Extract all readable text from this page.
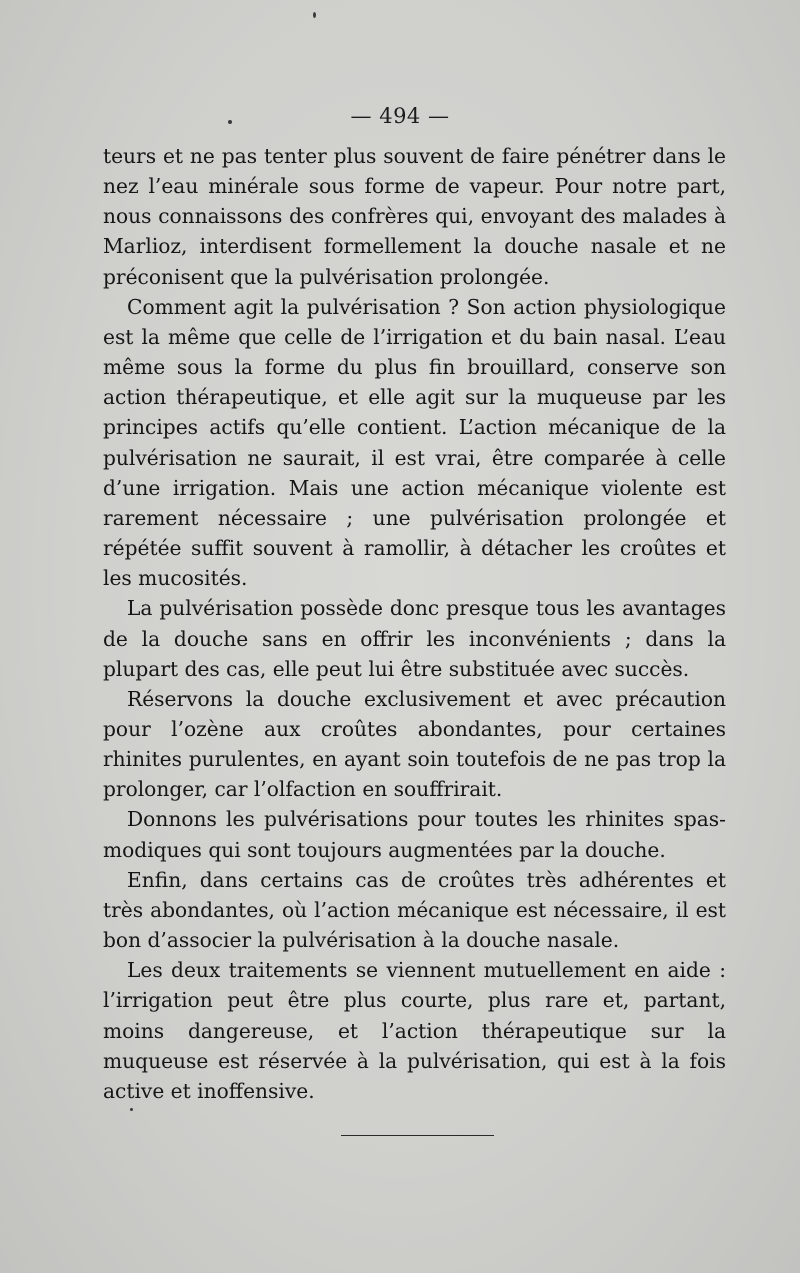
— 494 —

teurs et ne pas tenter plus souvent de faire pénétrer dans le nez l’eau minérale sous forme de vapeur. Pour notre part, nous connaissons des confrères qui, envoyant des malades à Marlioz, interdisent formellement la douche nasale et ne préconisent que la pulvérisation prolongée.

Comment agit la pulvérisation ? Son action physiologique est la même que celle de l’irrigation et du bain nasal. L’eau même sous la forme du plus fin brouillard, conserve son action thérapeutique, et elle agit sur la muqueuse par les principes actifs qu’elle contient. L’action mécanique de la pulvérisation ne saurait, il est vrai, être comparée à celle d’une irrigation. Mais une action mécanique violente est rarement nécessaire ; une pulvérisation prolongée et répétée suffit souvent à ramollir, à détacher les croûtes et les mucosités.

La pulvérisation possède donc presque tous les avantages de la douche sans en offrir les inconvénients ; dans la plupart des cas, elle peut lui être substituée avec succès.

Réservons la douche exclusivement et avec précaution pour l’ozène aux croûtes abondantes, pour certaines rhinites purulentes, en ayant soin toutefois de ne pas trop la prolonger, car l’olfaction en souffrirait.

Donnons les pulvérisations pour toutes les rhinites spasmodiques qui sont toujours augmentées par la douche.

Enfin, dans certains cas de croûtes très adhérentes et très abondantes, où l’action mécanique est nécessaire, il est bon d’associer la pulvérisation à la douche nasale.

Les deux traitements se viennent mutuellement en aide : l’irrigation peut être plus courte, plus rare et, partant, moins dangereuse, et l’action thérapeutique sur la muqueuse est réservée à la pulvérisation, qui est à la fois active et inoffensive.
